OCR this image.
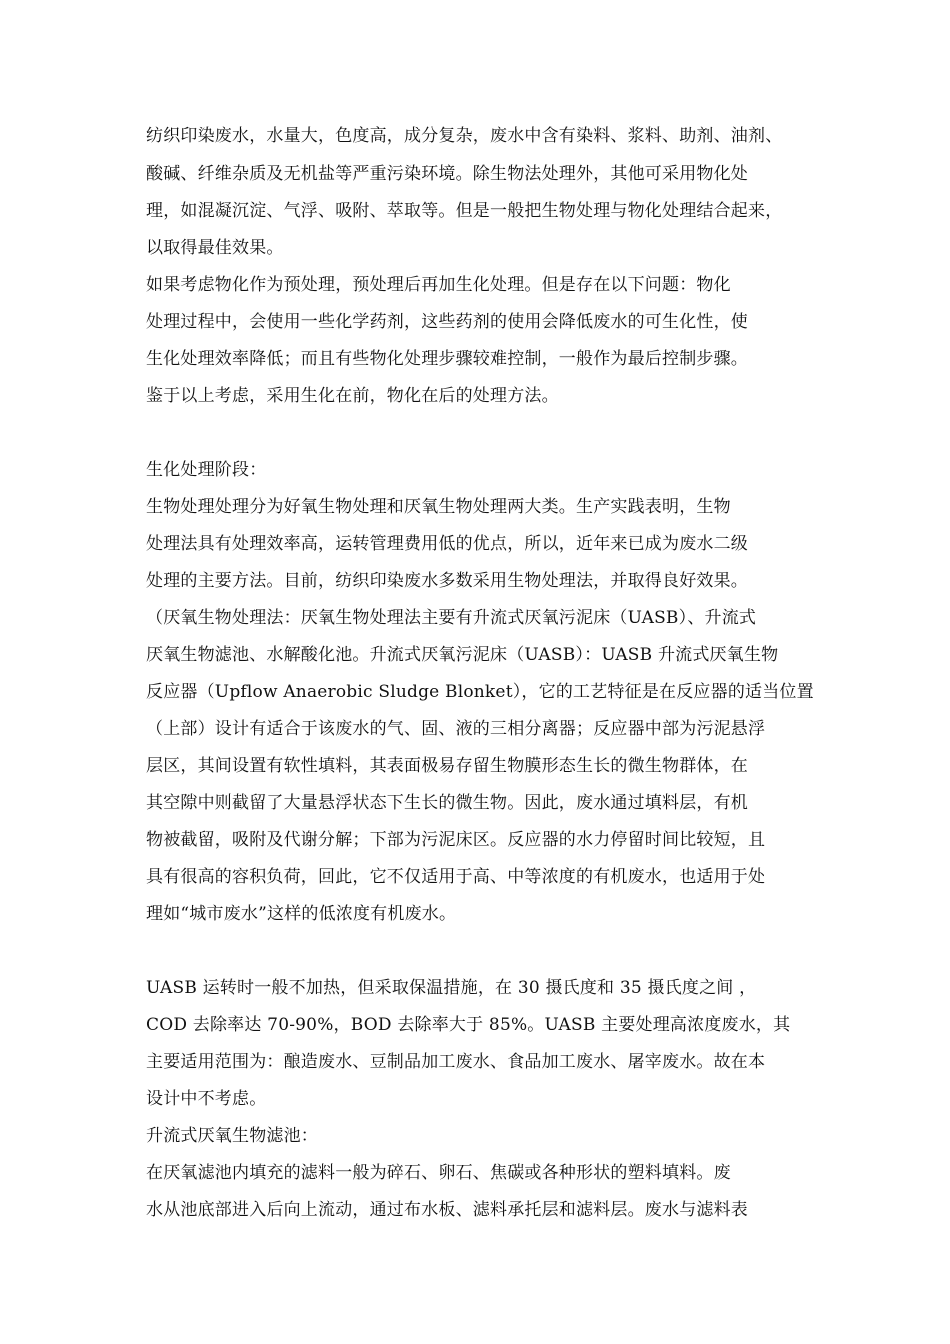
纺织印染废水，水量大，色度高，成分复杂，废水中含有染料、浆料、助剂、油剂、
酸碱、纤维杂质及无机盐等严重污染环境。除生物法处理外，其他可采用物化处
理，如混凝沉淀、气浮、吸附、萃取等。但是一般把生物处理与物化处理结合起来，
以取得最佳效果。
如果考虑物化作为预处理，预处理后再加生化处理。但是存在以下问题：物化
处理过程中，会使用一些化学药剂，这些药剂的使用会降低废水的可生化性，使
生化处理效率降低；而且有些物化处理步骤较难控制，一般作为最后控制步骤。
鉴于以上考虑，采用生化在前，物化在后的处理方法。
生化处理阶段：
生物处理处理分为好氧生物处理和厌氧生物处理两大类。生产实践表明，生物
处理法具有处理效率高，运转管理费用低的优点，所以，近年来已成为废水二级
处理的主要方法。目前，纺织印染废水多数采用生物处理法，并取得良好效果。
（厌氧生物处理法：厌氧生物处理法主要有升流式厌氧污泥床（UASB）、升流式
厌氧生物滤池、水解酸化池。升流式厌氧污泥床（UASB）：UASB 升流式厌氧生物
反应器（Upflow Anaerobic Sludge Blonket），它的工艺特征是在反应器的适当位置
（上部）设计有适合于该废水的气、固、液的三相分离器；反应器中部为污泥悬浮
层区，其间设置有软性填料，其表面极易存留生物膜形态生长的微生物群体，在
其空隙中则截留了大量悬浮状态下生长的微生物。因此，废水通过填料层，有机
物被截留，吸附及代谢分解；下部为污泥床区。反应器的水力停留时间比较短，且
具有很高的容积负荷，回此，它不仅适用于高、中等浓度的有机废水，也适用于处
理如“城市废水”这样的低浓度有机废水。
UASB 运转时一般不加热，但采取保温措施，在 30 摄氏度和 35 摄氏度之间 ，
COD 去除率达 70-90%，BOD 去除率大于 85%。UASB 主要处理高浓度废水，其
主要适用范围为：酿造废水、豆制品加工废水、食品加工废水、屠宰废水。故在本
设计中不考虑。
升流式厌氧生物滤池：
在厌氧滤池内填充的滤料一般为碎石、卵石、焦碳或各种形状的塑料填料。废
水从池底部进入后向上流动，通过布水板、滤料承托层和滤料层。废水与滤料表
